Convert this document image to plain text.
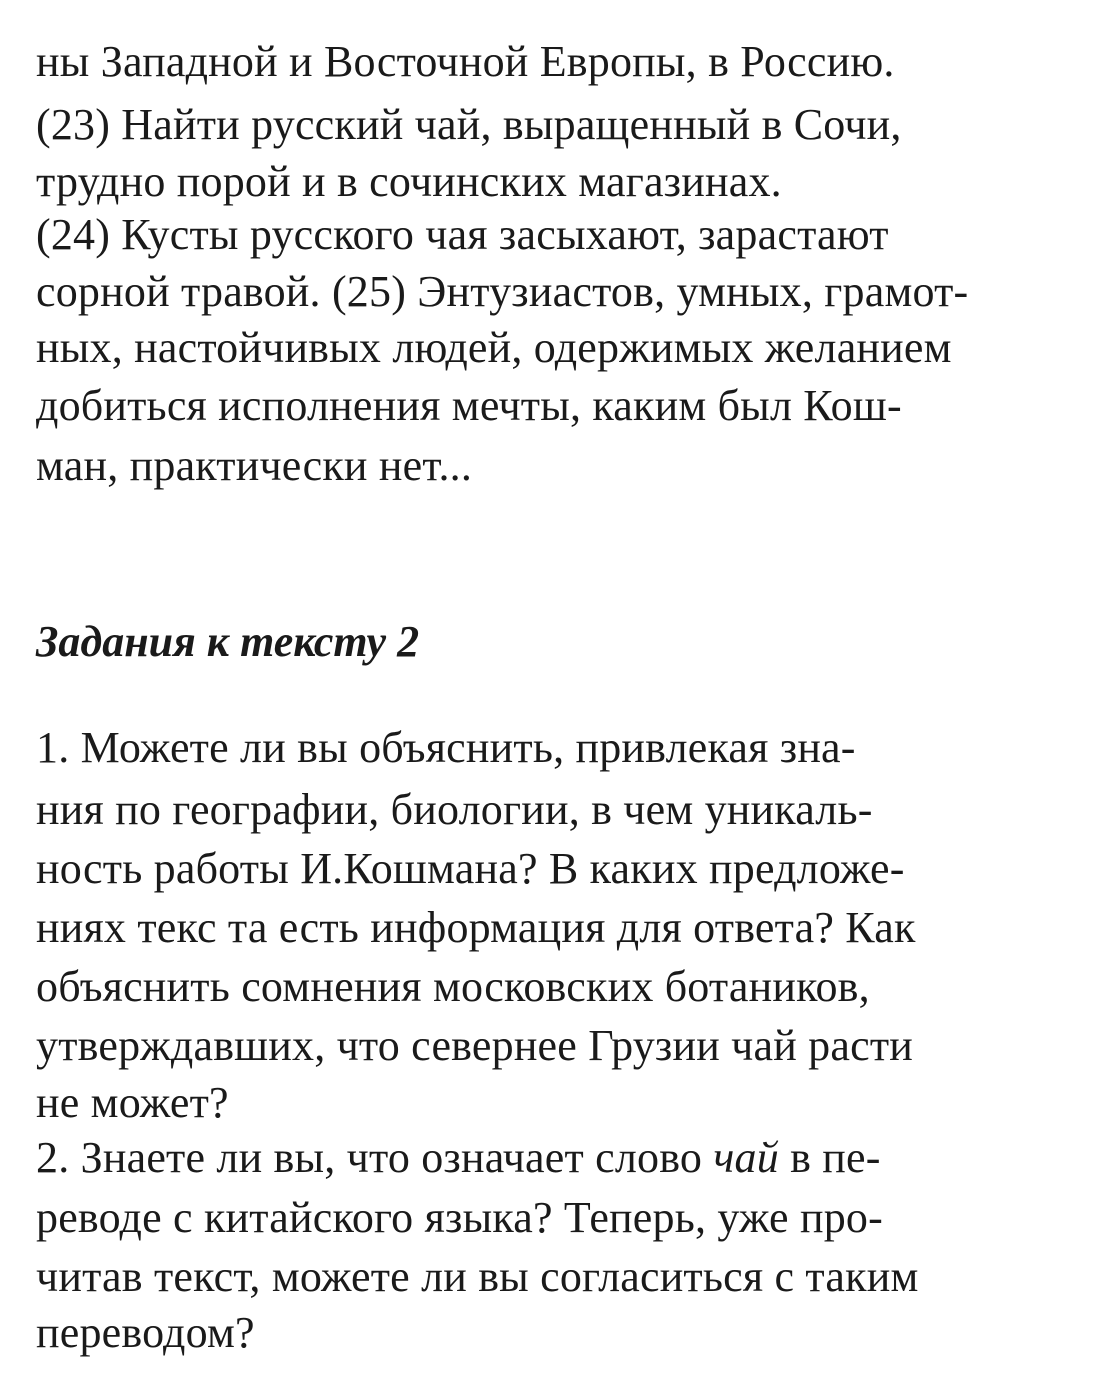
ны Западной и Восточной Европы, в Россию.
(23) Найти русский чай, выращенный в Сочи,
трудно порой и в сочинских магазинах.
(24) Кусты русского чая засыхают, зарастают
сорной травой. (25) Энтузиастов, умных, грамот-
ных, настойчивых людей, одержимых желанием
добиться исполнения мечты, каким был Кош-
ман, практически нет...
Задания к тексту 2
1. Можете ли вы объяснить, привлекая зна-
ния по географии, биологии, в чем уникаль-
ность работы И.Кошмана? В каких предложе-
ниях текс та есть информация для ответа? Как
объяснить сомнения московских ботаников,
утверждавших, что севернее Грузии чай расти
не может?
2. Знаете ли вы, что означает слово чай в пе-
реводе с китайского языка? Теперь, уже про-
читав текст, можете ли вы согласиться с таким
переводом?
